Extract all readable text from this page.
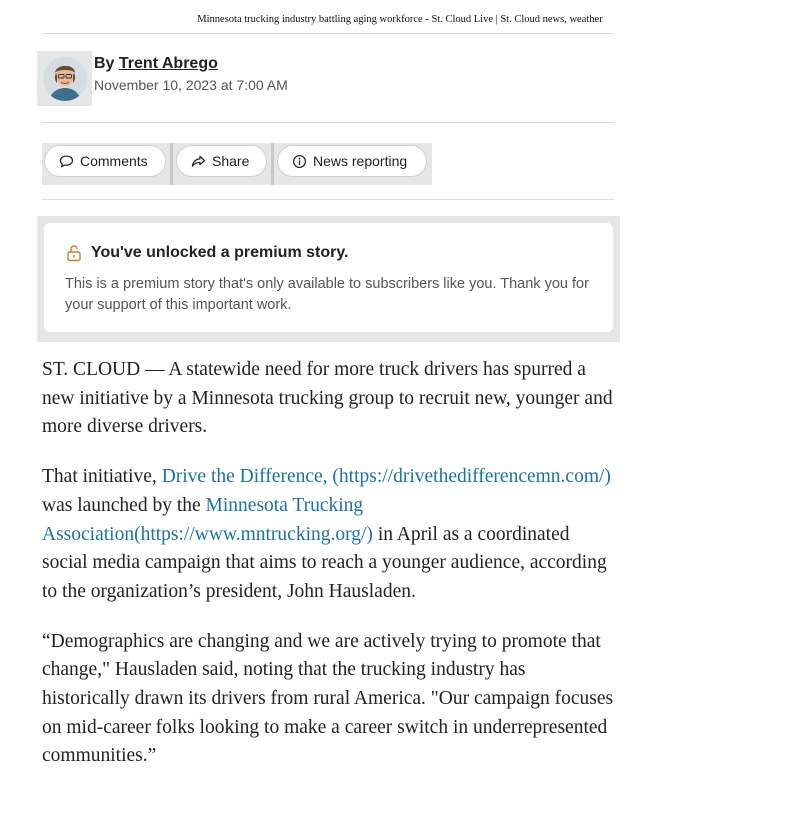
Minnesota trucking industry battling aging workforce - St. Cloud Live | St. Cloud news, weather
By Trent Abrego
November 10, 2023 at 7:00 AM
Comments	Share	News reporting
You've unlocked a premium story.
This is a premium story that's only available to subscribers like you. Thank you for your support of this important work.

ST. CLOUD — A statewide need for more truck drivers has spurred a new initiative by a Minnesota trucking group to recruit new, younger and more diverse drivers.

That initiative, Drive the Difference, (https://drivethedifferencemn.com/) was launched by the Minnesota Trucking Association(https://www.mntrucking.org/) in April as a coordinated social media campaign that aims to reach a younger audience, according to the organization’s president, John Hausladen.

“Demographics are changing and we are actively trying to promote that change," Hausladen said, noting that the trucking industry has historically drawn its drivers from rural America. "Our campaign focuses on mid-career folks looking to make a career switch in underrepresented communities.”
